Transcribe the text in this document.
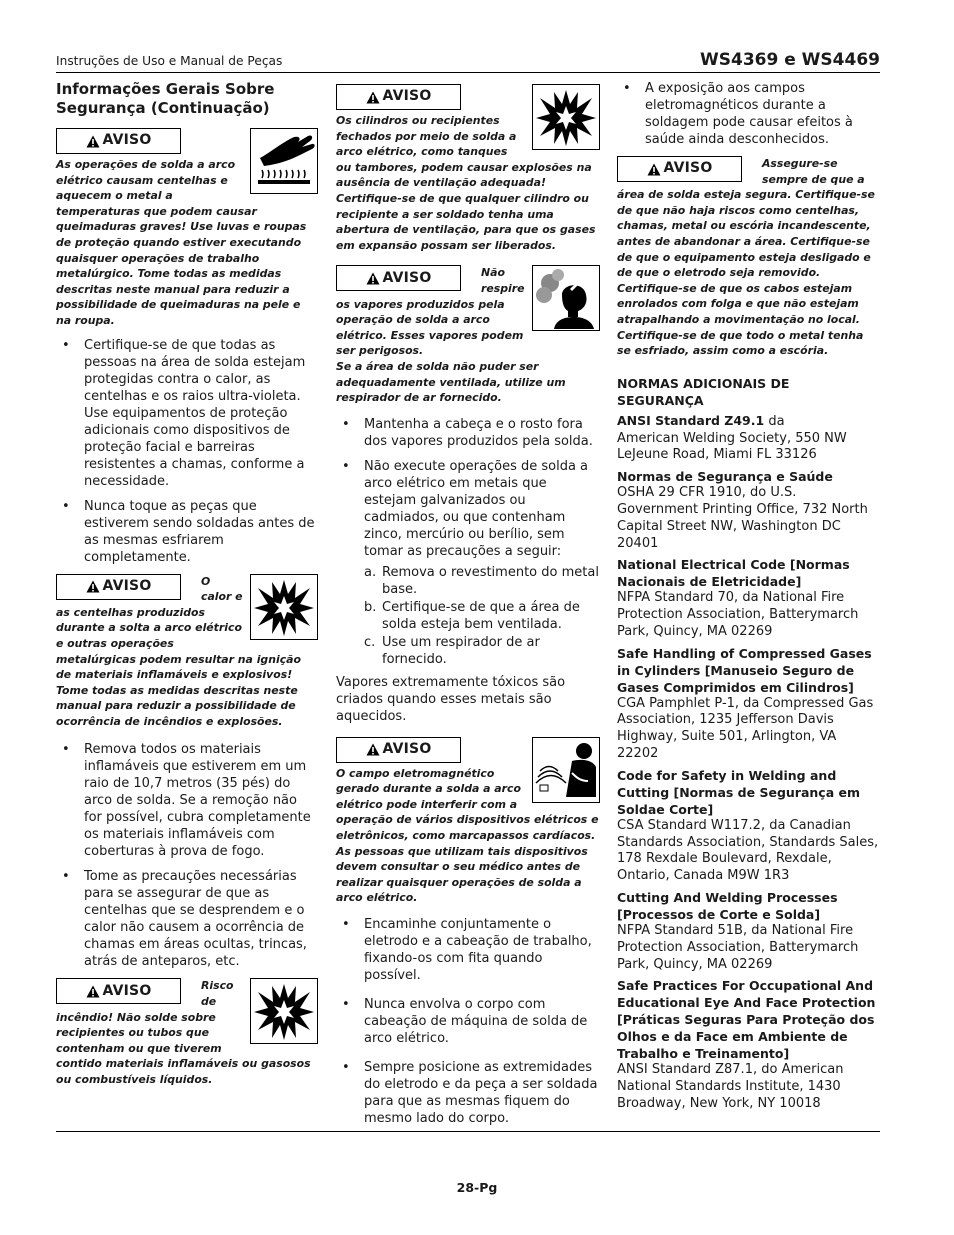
Instruções de Uso e Manual de Peças	WS4369 e WS4469
Informações Gerais Sobre Segurança (Continuação)
AVISO

As operações de solda a arco elétrico causam centelhas e aquecem o metal a temperaturas que podem causar queimaduras graves! Use luvas e roupas de proteção quando estiver executando quaisquer operações de trabalho metalúrgico. Tome todas as medidas descritas neste manual para reduzir a possibilidade de queimaduras na pele e na roupa.

• Certifique-se de que todas as pessoas na área de solda estejam protegidas contra o calor, as centelhas e os raios ultra-violeta. Use equipamentos de proteção adicionais como dispositivos de proteção facial e barreiras resistentes a chamas, conforme a necessidade.
• Nunca toque as peças que estiverem sendo soldadas antes de as mesmas esfriarem completamente.
AVISO	O calor e as centelhas produzidos durante a solta a arco elétrico e outras operações metalúrgicas podem resultar na ignição de materiais inflamáveis e explosivos! Tome todas as medidas descritas neste manual para reduzir a possibilidade de ocorrência de incêndios e explosões.

• Remova todos os materiais inflamáveis que estiverem em um raio de 10,7 metros (35 pés) do arco de solda. Se a remoção não for possível, cubra completamente os materiais inflamáveis com coberturas à prova de fogo.
• Tome as precauções necessárias para se assegurar de que as centelhas que se desprendem e o calor não causem a ocorrência de chamas em áreas ocultas, trincas, atrás de anteparos, etc.
AVISO	Risco de incêndio! Não solde sobre recipientes ou tubos que contenham ou que tiverem contido materiais inflamáveis ou gasosos ou combustíveis líquidos.

AVISO

Os cilindros ou recipientes fechados por meio de solda a arco elétrico, como tanques ou tambores, podem causar explosões na ausência de ventilação adequada! Certifique-se de que qualquer cilindro ou recipiente a ser soldado tenha uma abertura de ventilação, para que os gases em expansão possam ser liberados.

AVISO	Não respire os vapores produzidos pela operação de solda a arco elétrico. Esses vapores podem ser perigosos.

Se a área de solda não puder ser adequadamente ventilada, utilize um respirador de ar fornecido.

• Mantenha a cabeça e o rosto fora dos vapores produzidos pela solda.
• Não execute operações de solda a arco elétrico em metais que estejam galvanizados ou cadmiados, ou que contenham zinco, mercúrio ou berílio, sem tomar as precauções a seguir:
a. Remova o revestimento do metal base.
b. Certifique-se de que a área de solda esteja bem ventilada.
c. Use um respirador de ar fornecido.

Vapores extremamente tóxicos são criados quando esses metais são aquecidos.

AVISO

O campo eletromagnético gerado durante a solda a arco elétrico pode interferir com a operação de vários dispositivos elétricos e eletrônicos, como marcapassos cardíacos. As pessoas que utilizam tais dispositivos devem consultar o seu médico antes de realizar quaisquer operações de solda a arco elétrico.

• Encaminhe conjuntamente o eletrodo e a cabeação de trabalho, fixando-os com fita quando possível.
• Nunca envolva o corpo com cabeação de máquina de solda de arco elétrico.
• Sempre posicione as extremidades do eletrodo e da peça a ser soldada para que as mesmas fiquem do mesmo lado do corpo.
• A exposição aos campos eletromagnéticos durante a soldagem pode causar efeitos à saúde ainda desconhecidos.
AVISO	Assegure-se sempre de que a área de solda esteja segura. Certifique-se de que não haja riscos como centelhas, chamas, metal ou escória incandescente, antes de abandonar a área. Certifique-se de que o equipamento esteja desligado e de que o eletrodo seja removido. Certifique-se de que os cabos estejam enrolados com folga e que não estejam atrapalhando a movimentação no local. Certifique-se de que todo o metal tenha se esfriado, assim como a escória.

NORMAS ADICIONAIS DE SEGURANÇA
ANSI Standard Z49.1 da
American Welding Society, 550 NW LeJeune Road, Miami FL 33126
Normas de Segurança e Saúde
OSHA 29 CFR 1910, do U.S. Government Printing Office, 732 North Capital Street NW, Washington DC 20401
National Electrical Code [Normas Nacionais de Eletricidade]
NFPA Standard 70, da National Fire Protection Association, Batterymarch Park, Quincy, MA 02269
Safe Handling of Compressed Gases in Cylinders [Manuseio Seguro de Gases Comprimidos em Cilindros]
CGA Pamphlet P-1, da Compressed Gas Association, 1235 Jefferson Davis Highway, Suite 501, Arlington, VA 22202
Code for Safety in Welding and Cutting [Normas de Segurança em Soldae Corte]
CSA Standard W117.2, da Canadian Standards Association, Standards Sales, 178 Rexdale Boulevard, Rexdale, Ontario, Canada M9W 1R3
Cutting And Welding Processes [Processos de Corte e Solda]
NFPA Standard 51B, da National Fire Protection Association, Batterymarch Park, Quincy, MA 02269
Safe Practices For Occupational And Educational Eye And Face Protection [Práticas Seguras Para Proteção dos Olhos e da Face em Ambiente de Trabalho e Treinamento]
ANSI Standard Z87.1, do American National Standards Institute, 1430 Broadway, New York, NY 10018
28-Pg
